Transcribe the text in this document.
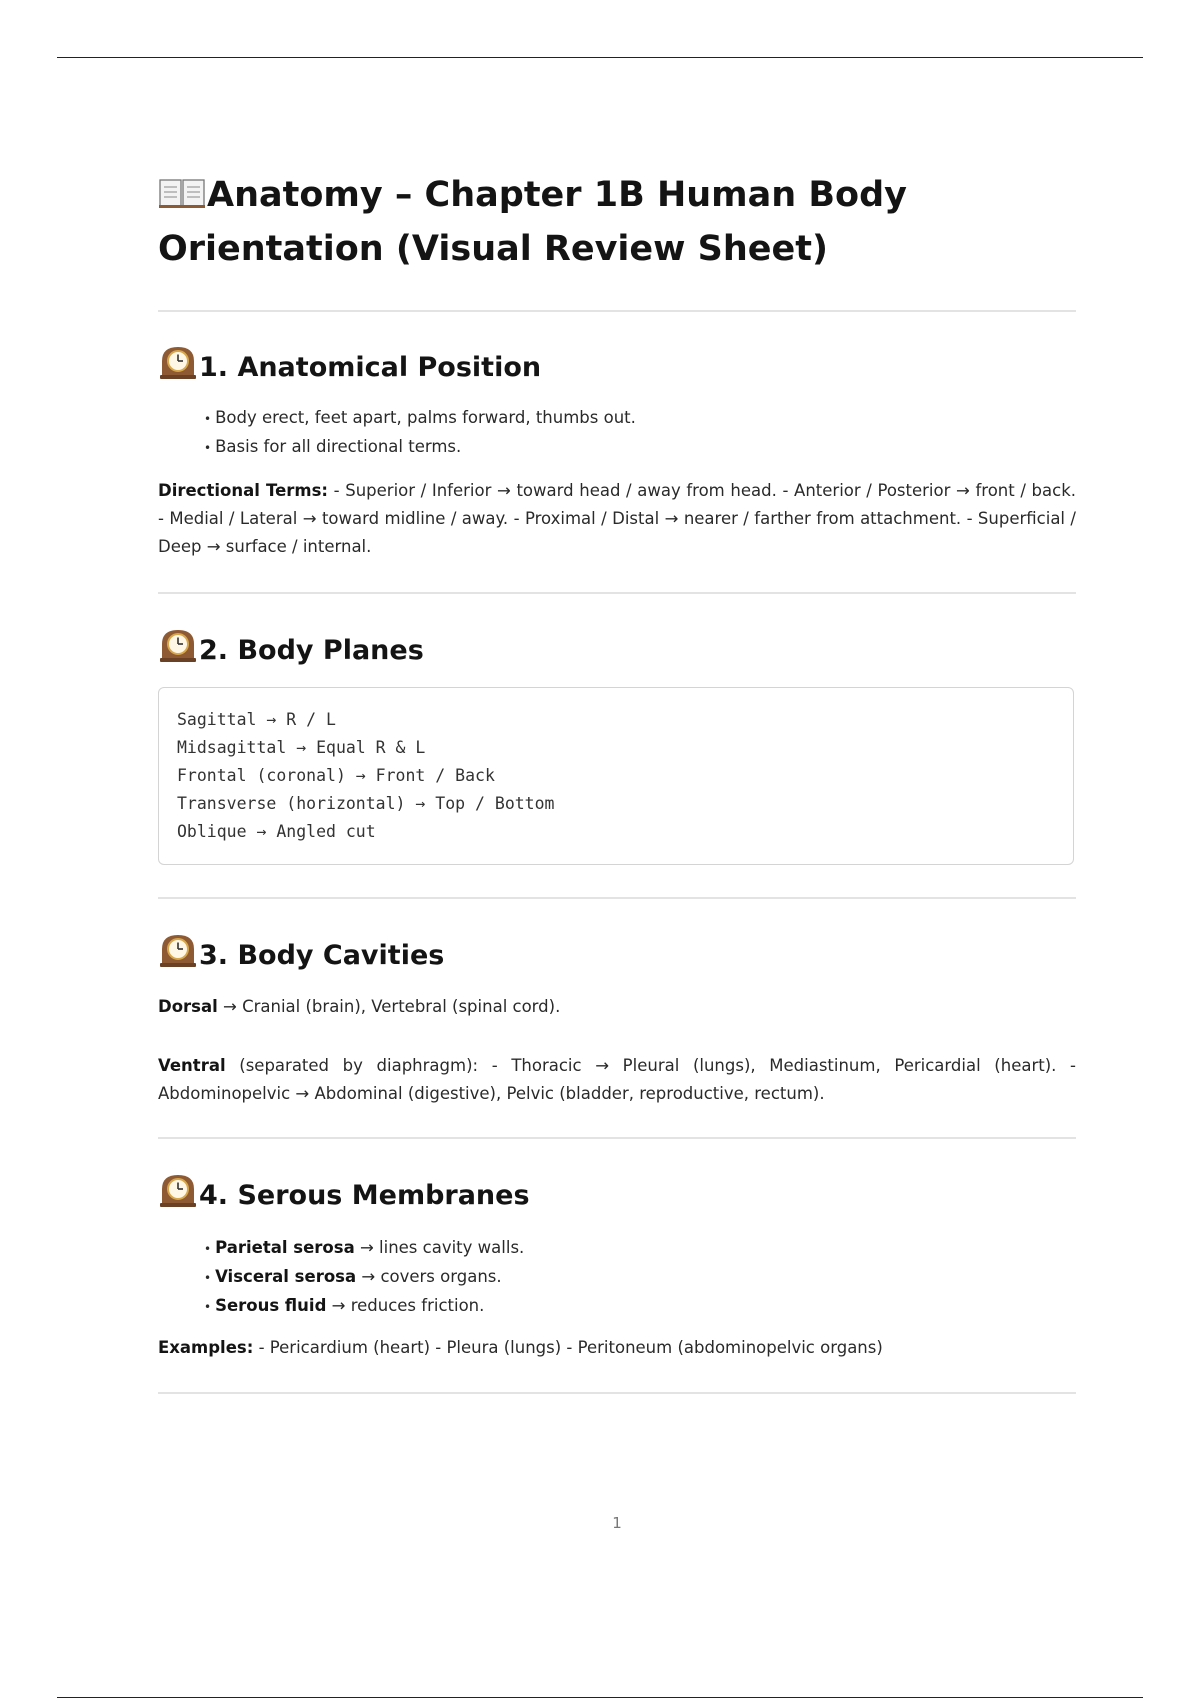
Anatomy – Chapter 1B Human Body Orientation (Visual Review Sheet)
1. Anatomical Position
• Body erect, feet apart, palms forward, thumbs out.
• Basis for all directional terms.

Directional Terms: - Superior / Inferior → toward head / away from head. - Anterior / Posterior → front / back. - Medial / Lateral → toward midline / away. - Proximal / Distal → nearer / farther from attachment. - Superficial / Deep → surface / internal.

2. Body Planes
Sagittal → R / L
Midsagittal → Equal R & L
Frontal (coronal) → Front / Back
Transverse (horizontal) → Top / Bottom
Oblique → Angled cut
3. Body Cavities

Dorsal → Cranial (brain), Vertebral (spinal cord).

Ventral (separated by diaphragm): - Thoracic → Pleural (lungs), Mediastinum, Pericardial (heart). - Abdominopelvic → Abdominal (digestive), Pelvic (bladder, reproductive, rectum).

4. Serous Membranes
• Parietal serosa → lines cavity walls.
• Visceral serosa → covers organs.
• Serous fluid → reduces friction.

Examples: - Pericardium (heart) - Pleura (lungs) - Peritoneum (abdominopelvic organs)

1
